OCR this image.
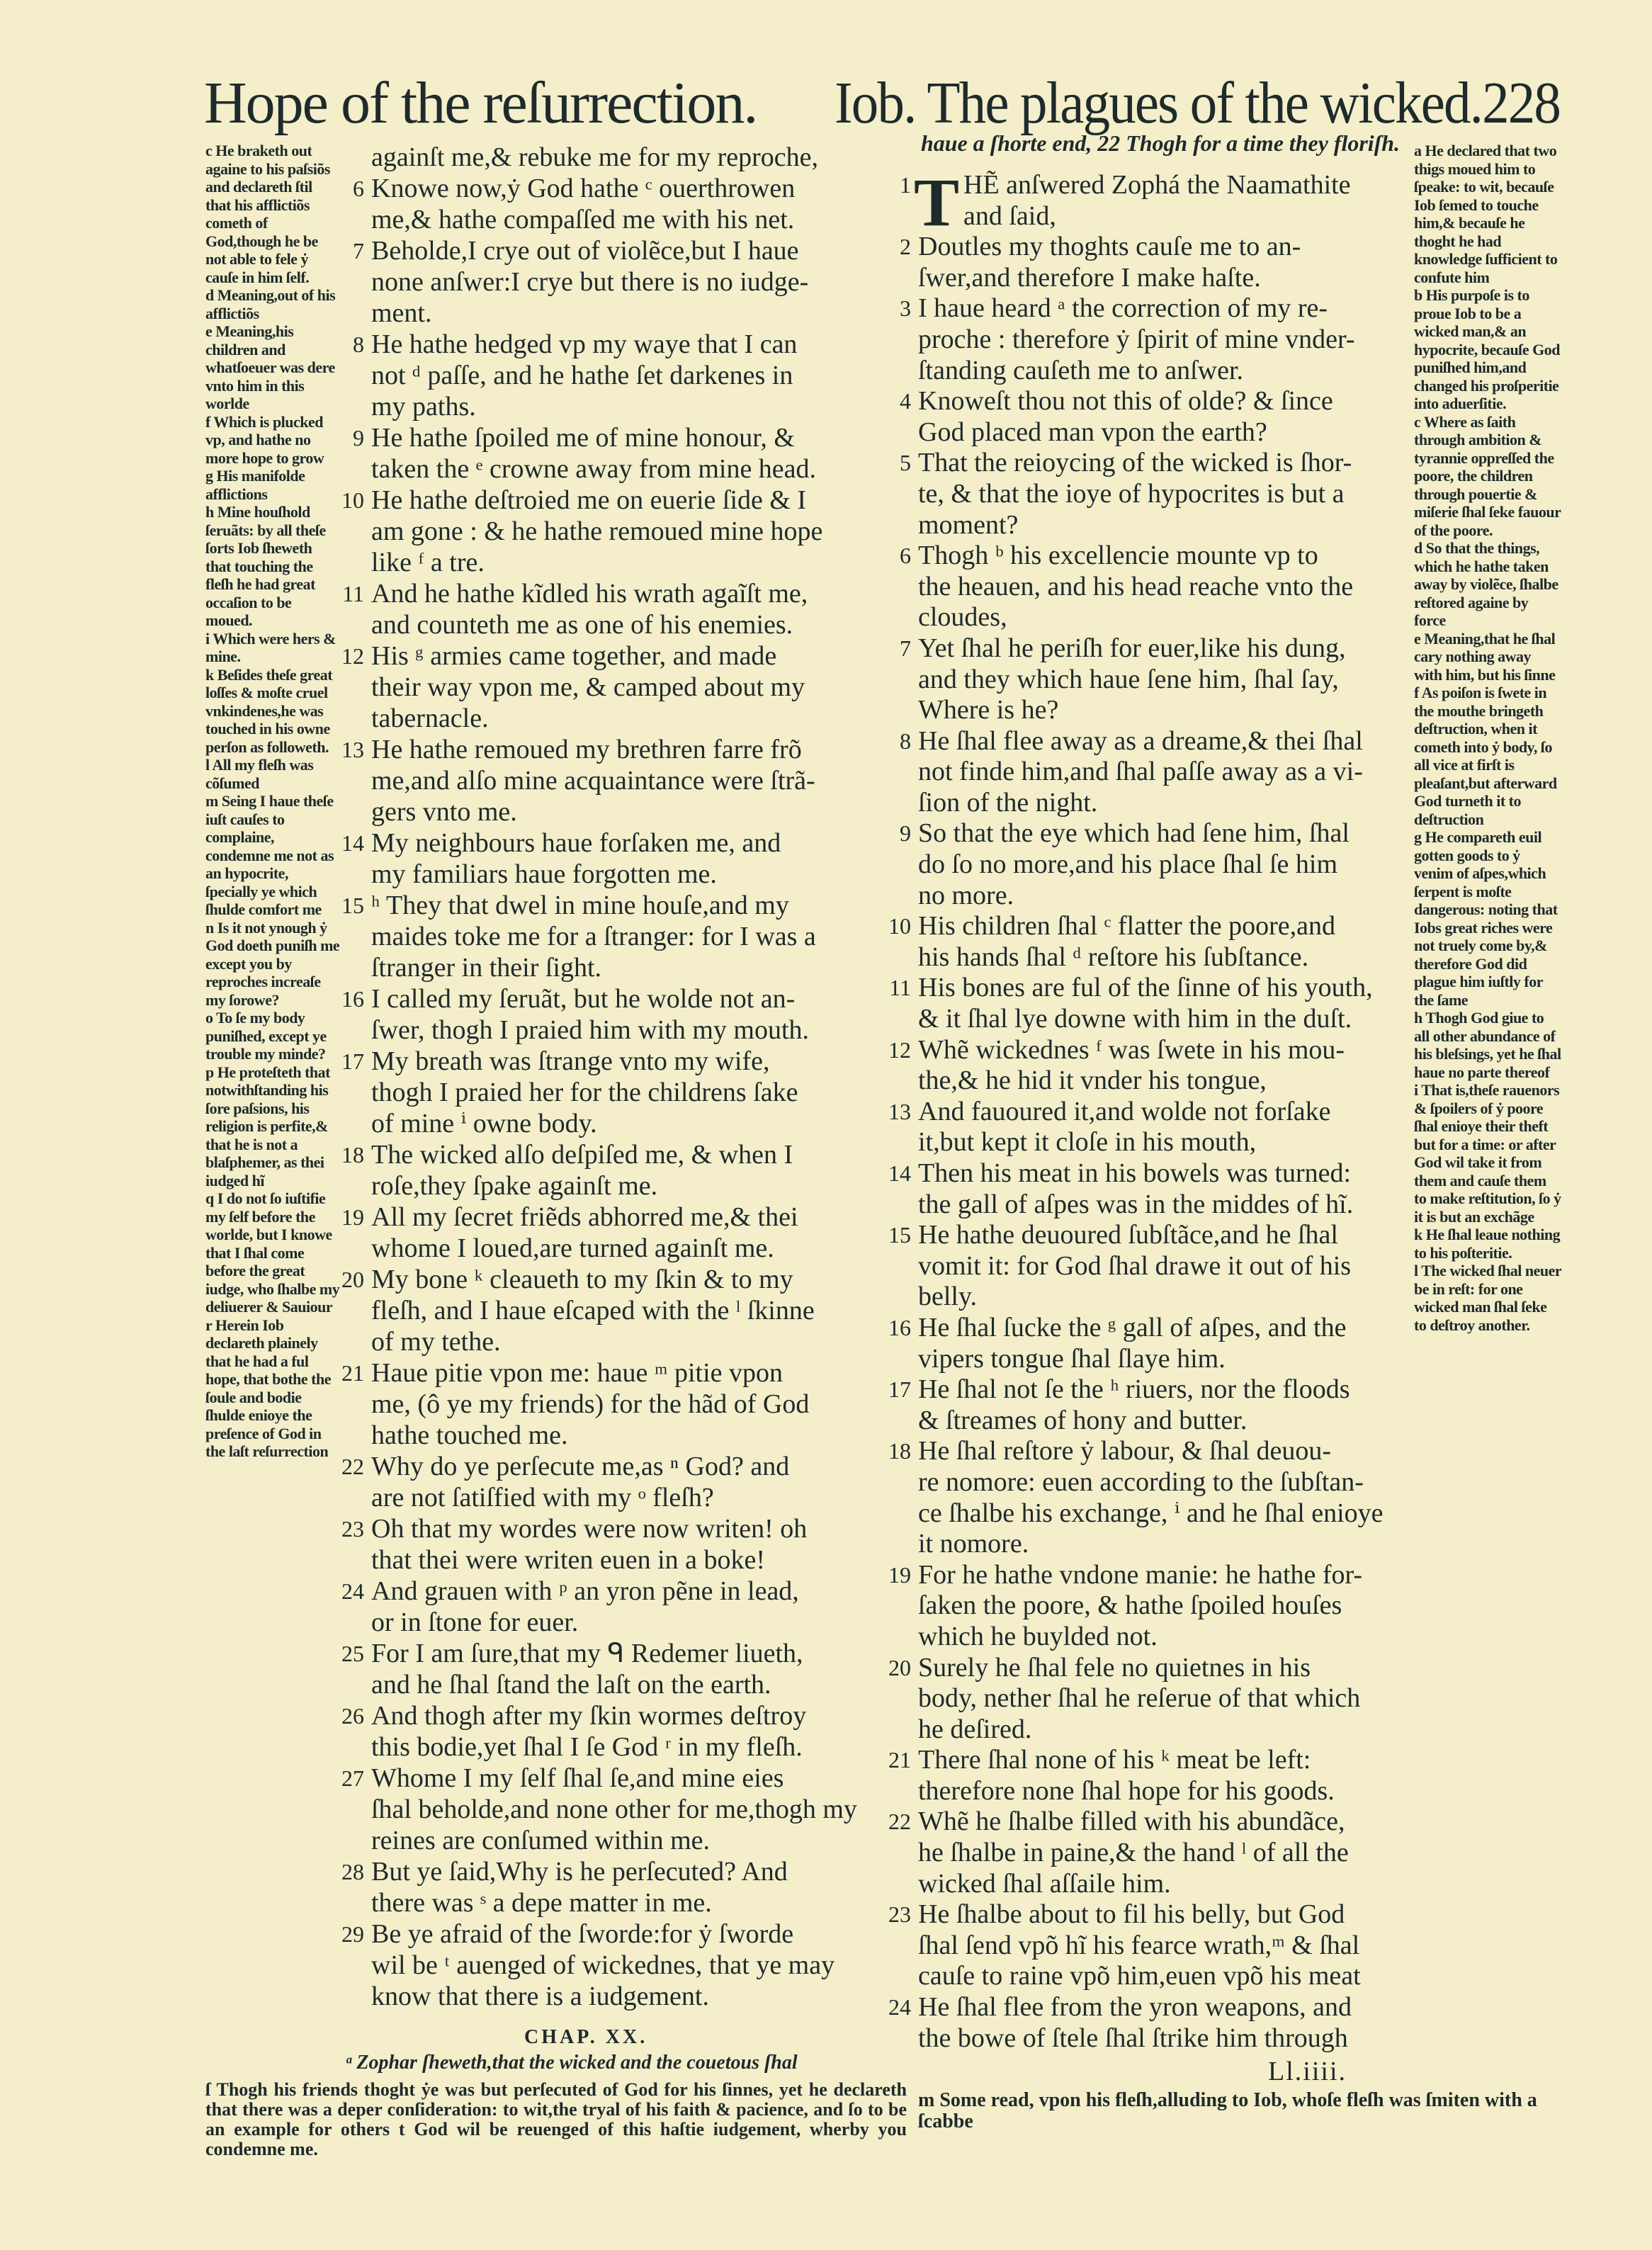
Hope of the reſurrection.	Iob. The plagues of the wicked.228

c He braketh out againe to his paſsiõs and declareth ſtil that his afflictiõs cometh of God,though he be not able to fele ẏ cauſe in him ſelf.

d Meaning,out of his afflictiõs

e Meaning,his children and whatſoeuer was dere vnto him in this worlde

f Which is plucked vp, and hathe no more hope to grow

g His manifolde afflictions

h Mine houſhold ſeruãts: by all theſe ſorts Iob ſheweth that touching the fleſh he had great occaſion to be moued.

i Which were hers & mine.

k Beſides theſe great loſſes & moſte cruel vnkindenes,he was touched in his owne perſon as followeth.

l All my fleſh was cõſumed

m Seing I haue theſe iuſt cauſes to complaine, condemne me not as an hypocrite, ſpecially ye which ſhulde comfort me

n Is it not ynough ẏ God doeth puniſh me except you by reproches increaſe my ſorowe?

o To ſe my body puniſhed, except ye trouble my minde?

p He proteſteth that notwithſtanding his ſore paſsions, his religion is perfite,& that he is not a blaſphemer, as thei iudged hĩ

q I do not ſo iuſtifie my ſelf before the worlde, but I knowe that I ſhal come before the great iudge, who ſhalbe my deliuerer & Sauiour

r Herein Iob declareth plainely that he had a ful hope, that bothe the ſoule and bodie ſhulde enioye the preſence of God in the laſt reſurrection

againſt me,& rebuke me for my reproche,
6 Knowe now,ẏ God hathe ᶜ ouerthrowen
me,& hathe compaſſed me with his net.
7 Beholde,I crye out of violẽce,but I haue
none anſwer:I crye but there is no iudge-
ment.
8 He hathe hedged vp my waye that I can
not ᵈ paſſe, and he hathe ſet darkenes in
my paths.
9 He hathe ſpoiled me of mine honour, &
taken the ᵉ crowne away from mine head.
10 He hathe deſtroied me on euerie ſide & I
am gone : & he hathe remoued mine hope
like ᶠ a tre.
11 And he hathe kĩdled his wrath agaĩſt me,
and counteth me as one of his enemies.
12 His ᵍ armies came together, and made
their way vpon me, & camped about my
tabernacle.
13 He hathe remoued my brethren farre frõ
me,and alſo mine acquaintance were ſtrã-
gers vnto me.
14 My neighbours haue forſaken me, and
my familiars haue forgotten me.
15 ʰ They that dwel in mine houſe,and my
maides toke me for a ſtranger: for I was a
ſtranger in their ſight.
16 I called my ſeruãt, but he wolde not an-
ſwer, thogh I praied him with my mouth.
17 My breath was ſtrange vnto my wife,
thogh I praied her for the childrens ſake
of mine ⁱ owne body.
18 The wicked alſo deſpiſed me, & when I
roſe,they ſpake againſt me.
19 All my ſecret friẽds abhorred me,& thei
whome I loued,are turned againſt me.
20 My bone ᵏ cleaueth to my ſkin & to my
fleſh, and I haue eſcaped with the ˡ ſkinne
of my tethe.
21 Haue pitie vpon me: haue ᵐ pitie vpon
me, (ô ye my friends) for the hãd of God
hathe touched me.
22 Why do ye perſecute me,as ⁿ God? and
are not ſatiſfied with my ᵒ fleſh?
23 Oh that my wordes were now writen! oh
that thei were writen euen in a boke!
24 And grauen with ᵖ an yron pẽne in lead,
or in ſtone for euer.
25 For I am ſure,that my ᑫ Redemer liueth,
and he ſhal ſtand the laſt on the earth.
26 And thogh after my ſkin wormes deſtroy
this bodie,yet ſhal I ſe God ʳ in my fleſh.
27 Whome I my ſelf ſhal ſe,and mine eies
ſhal beholde,and none other for me,thogh my
reines are conſumed within me.
28 But ye ſaid,Why is he perſecuted? And
there was ˢ a depe matter in me.
29 Be ye afraid of the ſworde:for ẏ ſworde
wil be ᵗ auenged of wickednes, that ye may
know that there is a iudgement.
CHAP. XX.
ᵃ Zophar ſheweth,that the wicked and the couetous ſhal
ſ Thogh his friends thoght ẏe was but perſecuted of God for his ſinnes, yet he declareth that there was a deper conſideration: to wit,the tryal of his faith & pacience, and ſo to be an example for others t God wil be reuenged of this haſtie iudgement, wherby you condemne me.
haue a ſhorte end, 22 Thogh for a time they floriſh.
1 T HẼ anſwered Zophá the Naamathite
and ſaid,
2 Doutles my thoghts cauſe me to an-
ſwer,and therefore I make haſte.
3 I haue heard ᵃ the correction of my re-
proche : therefore ẏ ſpirit of mine vnder-
ſtanding cauſeth me to anſwer.
4 Knoweſt thou not this of olde? & ſince
God placed man vpon the earth?
5 That the reioycing of the wicked is ſhor-
te, & that the ioye of hypocrites is but a
moment?
6 Thogh ᵇ his excellencie mounte vp to
the heauen, and his head reache vnto the
cloudes,
7 Yet ſhal he periſh for euer,like his dung,
and they which haue ſene him, ſhal ſay,
Where is he?
8 He ſhal flee away as a dreame,& thei ſhal
not finde him,and ſhal paſſe away as a vi-
ſion of the night.
9 So that the eye which had ſene him, ſhal
do ſo no more,and his place ſhal ſe him
no more.
10 His children ſhal ᶜ flatter the poore,and
his hands ſhal ᵈ reſtore his ſubſtance.
11 His bones are ful of the ſinne of his youth,
& it ſhal lye downe with him in the duſt.
12 Whẽ wickednes ᶠ was ſwete in his mou-
the,& he hid it vnder his tongue,
13 And fauoured it,and wolde not forſake
it,but kept it cloſe in his mouth,
14 Then his meat in his bowels was turned:
the gall of aſpes was in the middes of hĩ.
15 He hathe deuoured ſubſtãce,and he ſhal
vomit it: for God ſhal drawe it out of his
belly.
16 He ſhal ſucke the ᵍ gall of aſpes, and the
vipers tongue ſhal ſlaye him.
17 He ſhal not ſe the ʰ riuers, nor the floods
& ſtreames of hony and butter.
18 He ſhal reſtore ẏ labour, & ſhal deuou-
re nomore: euen according to the ſubſtan-
ce ſhalbe his exchange, ⁱ and he ſhal enioye
it nomore.
19 For he hathe vndone manie: he hathe for-
ſaken the poore, & hathe ſpoiled houſes
which he buylded not.
20 Surely he ſhal fele no quietnes in his
body, nether ſhal he reſerue of that which
he deſired.
21 There ſhal none of his ᵏ meat be left:
therefore none ſhal hope for his goods.
22 Whẽ he ſhalbe filled with his abundãce,
he ſhalbe in paine,& the hand ˡ of all the
wicked ſhal aſſaile him.
23 He ſhalbe about to fil his belly, but God
ſhal ſend vpõ hĩ his fearce wrath,ᵐ & ſhal
cauſe to raine vpõ him,euen vpõ his meat
24 He ſhal flee from the yron weapons, and
the bowe of ſtele ſhal ſtrike him through

a He declared that two thigs moued him to ſpeake: to wit, becauſe Iob ſemed to touche him,& becauſe he thoght he had knowledge ſufficient to confute him

b His purpoſe is to proue Iob to be a wicked man,& an hypocrite, becauſe God puniſhed him,and changed his proſperitie into aduerſitie.

c Where as ſaith through ambition & tyrannie oppreſſed the poore, the children through pouertie & miſerie ſhal ſeke fauour of the poore.

d So that the things, which he hathe taken away by violẽce, ſhalbe reſtored againe by force

e Meaning,that he ſhal cary nothing away with him, but his ſinne

f As poiſon is ſwete in the mouthe bringeth deſtruction, when it cometh into ẏ body, ſo all vice at firſt is pleaſant,but afterward God turneth it to deſtruction

g He compareth euil gotten goods to ẏ venim of aſpes,which ſerpent is moſte dangerous: noting that Iobs great riches were not truely come by,& therefore God did plague him iuſtly for the ſame

h Thogh God giue to all other abundance of his bleſsings, yet he ſhal haue no parte thereof

i That is,theſe rauenors & ſpoilers of ẏ poore ſhal enioye their theft but for a time: or after God wil take it from them and cauſe them to make reſtitution, ſo ẏ it is but an exchãge

k He ſhal leaue nothing to his poſteritie.

l The wicked ſhal neuer be in reſt: for one wicked man ſhal ſeke to deſtroy another.

Ll.iiii.
m Some read, vpon his fleſh,alluding to Iob, whoſe fleſh was ſmiten with a ſcabbe
